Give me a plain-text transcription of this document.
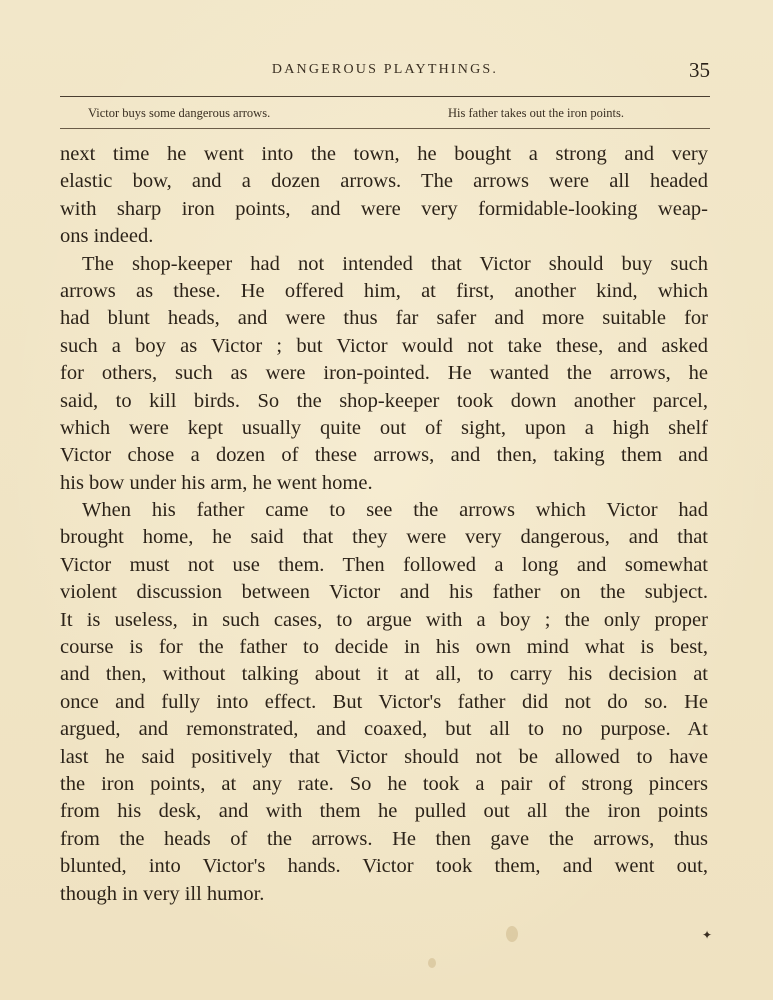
DANGEROUS PLAYTHINGS.	35
Victor buys some dangerous arrows.	His father takes out the iron points.
next time he went into the town, he bought a strong and very
elastic bow, and a dozen arrows. The arrows were all headed
with sharp iron points, and were very formidable-looking weap-
ons indeed.
The shop-keeper had not intended that Victor should buy such
arrows as these. He offered him, at first, another kind, which
had blunt heads, and were thus far safer and more suitable for
such a boy as Victor ; but Victor would not take these, and asked
for others, such as were iron-pointed. He wanted the arrows, he
said, to kill birds. So the shop-keeper took down another parcel,
which were kept usually quite out of sight, upon a high shelf
Victor chose a dozen of these arrows, and then, taking them and
his bow under his arm, he went home.
When his father came to see the arrows which Victor had
brought home, he said that they were very dangerous, and that
Victor must not use them. Then followed a long and somewhat
violent discussion between Victor and his father on the subject.
It is useless, in such cases, to argue with a boy ; the only proper
course is for the father to decide in his own mind what is best,
and then, without talking about it at all, to carry his decision at
once and fully into effect. But Victor's father did not do so. He
argued, and remonstrated, and coaxed, but all to no purpose. At
last he said positively that Victor should not be allowed to have
the iron points, at any rate. So he took a pair of strong pincers
from his desk, and with them he pulled out all the iron points
from the heads of the arrows. He then gave the arrows, thus
blunted, into Victor's hands. Victor took them, and went out,
though in very ill humor.
✦
